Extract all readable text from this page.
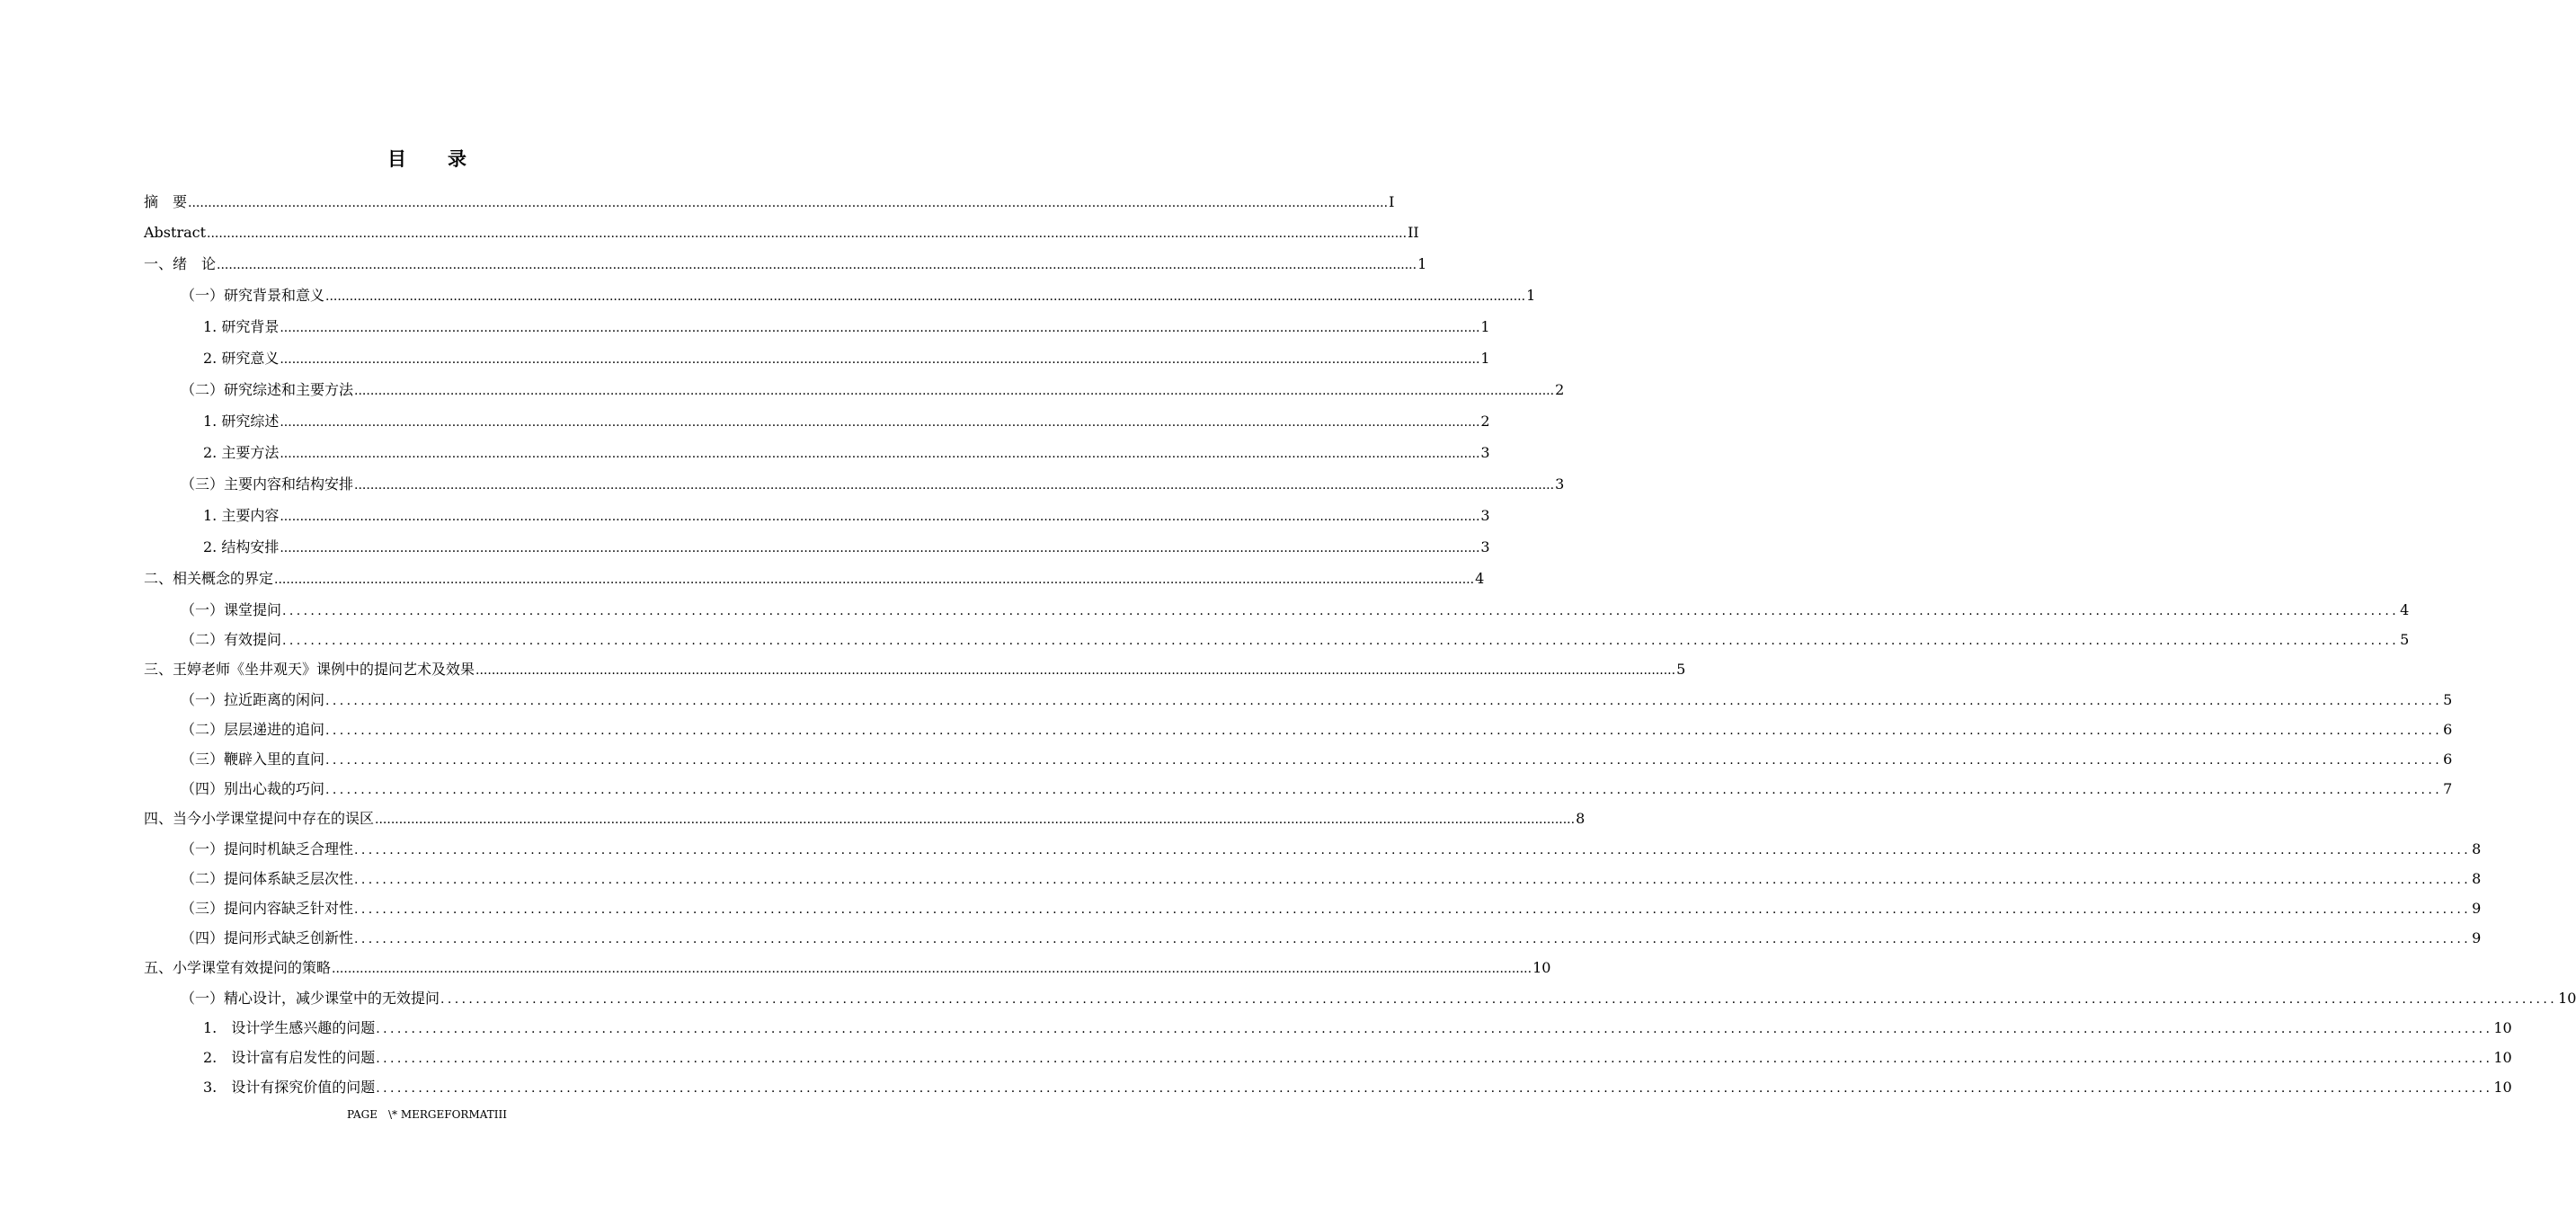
目录
摘　要 ............................................................................................................................................................................................................................................................................................................ I
Abstract ............................................................................................................................................................................................................................................................................................................ II
一、绪　论 ............................................................................................................................................................................................................................................................................................................ 1
（一）研究背景和意义 ............................................................................................................................................................................................................................................................................................................ 1
1. 研究背景 ............................................................................................................................................................................................................................................................................................................ 1
2. 研究意义 ............................................................................................................................................................................................................................................................................................................ 1
（二）研究综述和主要方法 ............................................................................................................................................................................................................................................................................................................ 2
1. 研究综述 ............................................................................................................................................................................................................................................................................................................ 2
2. 主要方法 ............................................................................................................................................................................................................................................................................................................ 3
（三）主要内容和结构安排 ............................................................................................................................................................................................................................................................................................................ 3
1. 主要内容 ............................................................................................................................................................................................................................................................................................................ 3
2. 结构安排 ............................................................................................................................................................................................................................................................................................................ 3
二、相关概念的界定 ............................................................................................................................................................................................................................................................................................................ 4
（一）课堂提问 ............................................................................................................................................................................................................................................................................................................ 4
（二）有效提问 ............................................................................................................................................................................................................................................................................................................ 5
三、王婷老师《坐井观天》课例中的提问艺术及效果 ............................................................................................................................................................................................................................................................................................................ 5
（一）拉近距离的闲问 ............................................................................................................................................................................................................................................................................................................ 5
（二）层层递进的追问 ............................................................................................................................................................................................................................................................................................................ 6
（三）鞭辟入里的直问 ............................................................................................................................................................................................................................................................................................................ 6
（四）别出心裁的巧问 ............................................................................................................................................................................................................................................................................................................ 7
四、当今小学课堂提问中存在的误区 ............................................................................................................................................................................................................................................................................................................ 8
（一）提问时机缺乏合理性 ............................................................................................................................................................................................................................................................................................................ 8
（二）提问体系缺乏层次性 ............................................................................................................................................................................................................................................................................................................ 8
（三）提问内容缺乏针对性 ............................................................................................................................................................................................................................................................................................................ 9
（四）提问形式缺乏创新性 ............................................................................................................................................................................................................................................................................................................ 9
五、小学课堂有效提问的策略 ............................................................................................................................................................................................................................................................................................................ 10
（一）精心设计，减少课堂中的无效提问 ............................................................................................................................................................................................................................................................................................................ 10
1.　设计学生感兴趣的问题 ............................................................................................................................................................................................................................................................................................................ 10
2.　设计富有启发性的问题 ............................................................................................................................................................................................................................................................................................................ 10
3.　设计有探究价值的问题 ............................................................................................................................................................................................................................................................................................................ 10
PAGE　\* MERGEFORMATIII
